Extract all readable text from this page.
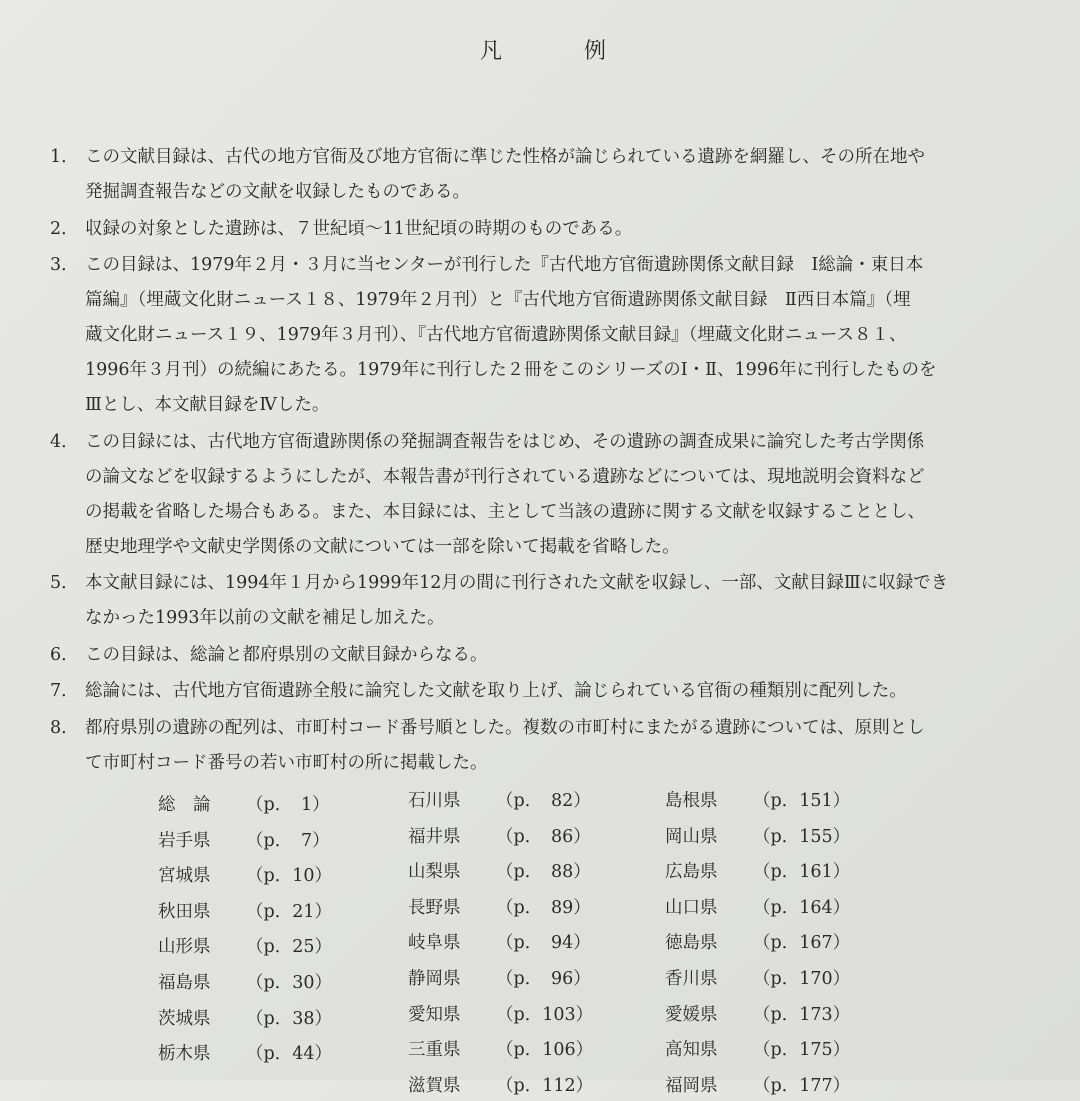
凡　例
1． この文献目録は、古代の地方官衙及び地方官衙に準じた性格が論じられている遺跡を網羅し、その所在地や
発掘調査報告などの文献を収録したものである。
2． 収録の対象とした遺跡は、７世紀頃～11世紀頃の時期のものである。
3． この目録は、1979年２月・３月に当センターが刊行した『古代地方官衙遺跡関係文献目録　Ⅰ総論・東日本
篇編』（埋蔵文化財ニュース１８、1979年２月刊）と『古代地方官衙遺跡関係文献目録　Ⅱ西日本篇』（埋
蔵文化財ニュース１９、1979年３月刊）、『古代地方官衙遺跡関係文献目録』（埋蔵文化財ニュース８１、
1996年３月刊）の続編にあたる。1979年に刊行した２冊をこのシリーズのⅠ・Ⅱ、1996年に刊行したものを
Ⅲとし、本文献目録をⅣした。
4． この目録には、古代地方官衙遺跡関係の発掘調査報告をはじめ、その遺跡の調査成果に論究した考古学関係
の論文などを収録するようにしたが、本報告書が刊行されている遺跡などについては、現地説明会資料など
の掲載を省略した場合もある。また、本目録には、主として当該の遺跡に関する文献を収録することとし、
歴史地理学や文献史学関係の文献については一部を除いて掲載を省略した。
5． 本文献目録には、1994年１月から1999年12月の間に刊行された文献を収録し、一部、文献目録Ⅲに収録でき
なかった1993年以前の文献を補足し加えた。
6． この目録は、総論と都府県別の文献目録からなる。
7． 総論には、古代地方官衙遺跡全般に論究した文献を取り上げ、論じられている官衙の種類別に配列した。
8． 都府県別の遺跡の配列は、市町村コード番号順とした。複数の市町村にまたがる遺跡については、原則とし
て市町村コード番号の若い市町村の所に掲載した。
総　論	（p．　1）
岩手県	（p．　7）
宮城県	（p．10）
秋田県	（p．21）
山形県	（p．25）
福島県	（p．30）
茨城県	（p．38）
栃木県	（p．44）
石川県	（p．　82）
福井県	（p．　86）
山梨県	（p．　88）
長野県	（p．　89）
岐阜県	（p．　94）
静岡県	（p．　96）
愛知県	（p．103）
三重県	（p．106）
滋賀県	（p．112）
島根県	（p．151）
岡山県	（p．155）
広島県	（p．161）
山口県	（p．164）
徳島県	（p．167）
香川県	（p．170）
愛媛県	（p．173）
高知県	（p．175）
福岡県	（p．177）
